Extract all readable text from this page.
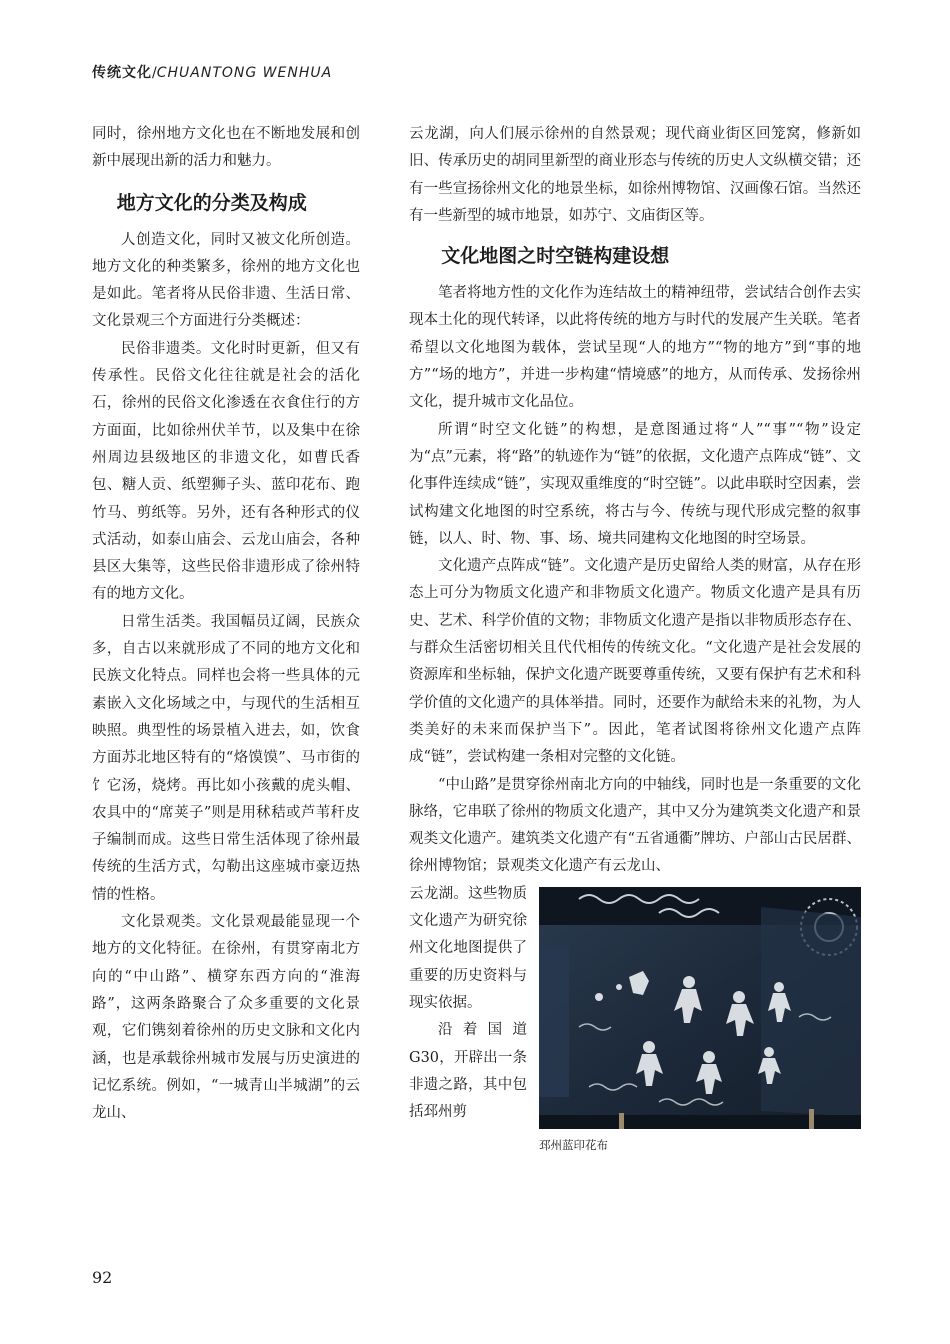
传统文化/CHUANTONG WENHUA

同时，徐州地方文化也在不断地发展和创新中展现出新的活力和魅力。

地方文化的分类及构成

人创造文化，同时又被文化所创造。地方文化的种类繁多，徐州的地方文化也是如此。笔者将从民俗非遗、生活日常、文化景观三个方面进行分类概述：

民俗非遗类。文化时时更新，但又有传承性。民俗文化往往就是社会的活化石，徐州的民俗文化渗透在衣食住行的方方面面，比如徐州伏羊节，以及集中在徐州周边县级地区的非遗文化，如曹氏香包、糖人贡、纸塑狮子头、蓝印花布、跑竹马、剪纸等。另外，还有各种形式的仪式活动，如泰山庙会、云龙山庙会，各种县区大集等，这些民俗非遗形成了徐州特有的地方文化。

日常生活类。我国幅员辽阔，民族众多，自古以来就形成了不同的地方文化和民族文化特点。同样也会将一些具体的元素嵌入文化场域之中，与现代的生活相互映照。典型性的场景植入进去，如，饮食方面苏北地区特有的“烙馍馍”、马市街的饣它汤，烧烤。再比如小孩戴的虎头帽、农具中的“席荚子”则是用秫秸或芦苇秆皮子编制而成。这些日常生活体现了徐州最传统的生活方式，勾勒出这座城市豪迈热情的性格。

文化景观类。文化景观最能显现一个地方的文化特征。在徐州，有贯穿南北方向的“中山路”、横穿东西方向的“淮海路”，这两条路聚合了众多重要的文化景观，它们镌刻着徐州的历史文脉和文化内涵，也是承载徐州城市发展与历史演进的记忆系统。例如，“一城青山半城湖”的云龙山、

云龙湖，向人们展示徐州的自然景观；现代商业街区回笼窝，修新如旧、传承历史的胡同里新型的商业形态与传统的历史人文纵横交错；还有一些宣扬徐州文化的地景坐标，如徐州博物馆、汉画像石馆。当然还有一些新型的城市地景，如苏宁、文庙街区等。

文化地图之时空链构建设想

笔者将地方性的文化作为连结故土的精神纽带，尝试结合创作去实现本土化的现代转译，以此将传统的地方与时代的发展产生关联。笔者希望以文化地图为载体，尝试呈现“人的地方”“物的地方”到“事的地方”“场的地方”，并进一步构建“情境感”的地方，从而传承、发扬徐州文化，提升城市文化品位。

所谓“时空文化链”的构想，是意图通过将“人”“事”“物”设定为“点”元素，将“路”的轨迹作为“链”的依据，文化遗产点阵成“链”、文化事件连续成“链”，实现双重维度的“时空链”。以此串联时空因素，尝试构建文化地图的时空系统，将古与今、传统与现代形成完整的叙事链，以人、时、物、事、场、境共同建构文化地图的时空场景。

文化遗产点阵成“链”。文化遗产是历史留给人类的财富，从存在形态上可分为物质文化遗产和非物质文化遗产。物质文化遗产是具有历史、艺术、科学价值的文物；非物质文化遗产是指以非物质形态存在、与群众生活密切相关且代代相传的传统文化。“文化遗产是社会发展的资源库和坐标轴，保护文化遗产既要尊重传统，又要有保护有艺术和科学价值的文化遗产的具体举措。同时，还要作为献给未来的礼物，为人类美好的未来而保护当下”。因此，笔者试图将徐州文化遗产点阵成“链”，尝试构建一条相对完整的文化链。

“中山路”是贯穿徐州南北方向的中轴线，同时也是一条重要的文化脉络，它串联了徐州的物质文化遗产，其中又分为建筑类文化遗产和景观类文化遗产。建筑类文化遗产有“五省通衢”牌坊、户部山古民居群、徐州博物馆；景观类文化遗产有云龙山、

邳州蓝印花布

云龙湖。这些物质文化遗产为研究徐州文化地图提供了重要的历史资料与现实依据。

沿着国道G30，开辟出一条非遗之路，其中包括邳州剪

92
